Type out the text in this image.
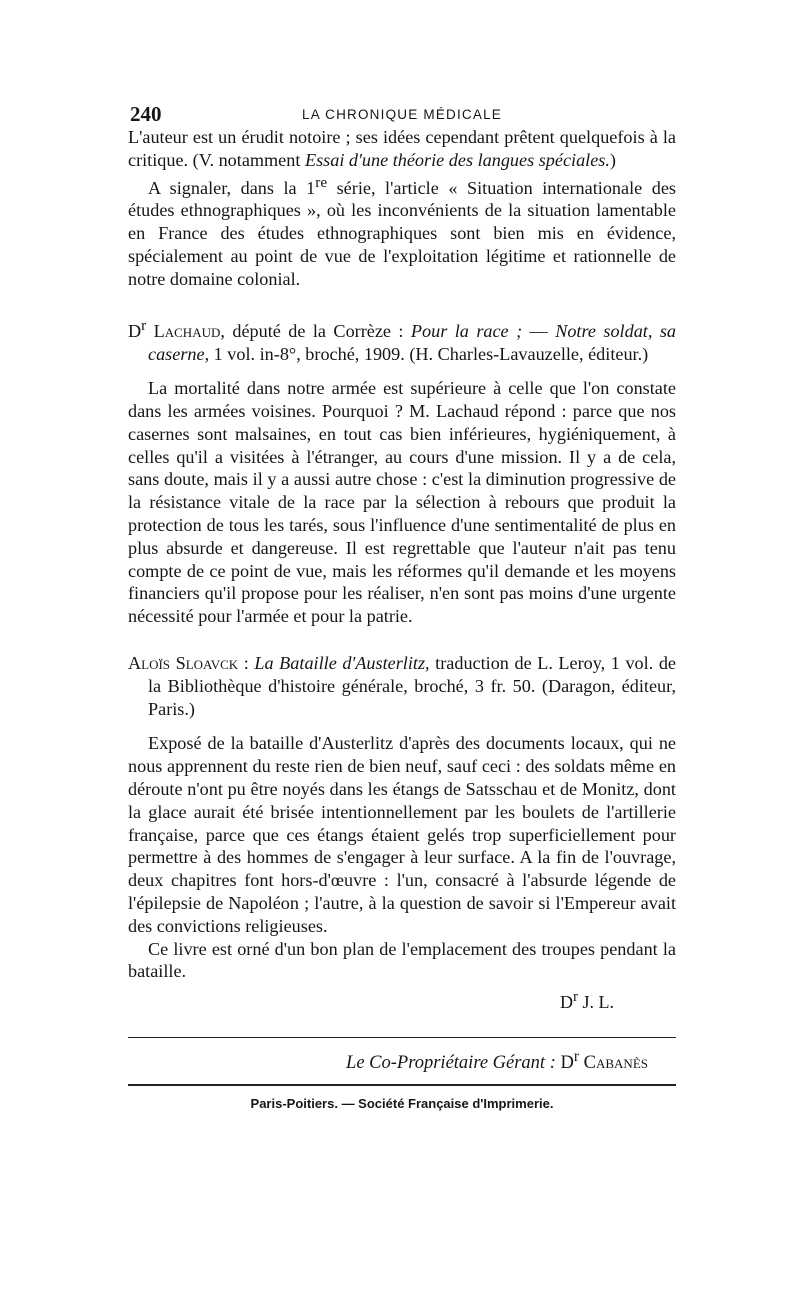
240	LA CHRONIQUE MÉDICALE

L'auteur est un érudit notoire ; ses idées cependant prêtent quelquefois à la critique. (V. notamment Essai d'une théorie des langues spéciales.)

A signaler, dans la 1re série, l'article « Situation internationale des études ethnographiques », où les inconvénients de la situation lamentable en France des études ethnographiques sont bien mis en évidence, spécialement au point de vue de l'exploitation légitime et rationnelle de notre domaine colonial.

$D^r$ Lachaud, député de la Corrèze : Pour la race ; — Notre soldat, sa caserne, 1 vol. in-8°, broché, 1909. (H. Charles-Lavauzelle, éditeur.)

La mortalité dans notre armée est supérieure à celle que l'on constate dans les armées voisines. Pourquoi ? M. Lachaud répond : parce que nos casernes sont malsaines, en tout cas bien inférieures, hygiéniquement, à celles qu'il a visitées à l'étranger, au cours d'une mission. Il y a de cela, sans doute, mais il y a aussi autre chose : c'est la diminution progressive de la résistance vitale de la race par la sélection à rebours que produit la protection de tous les tarés, sous l'influence d'une sentimentalité de plus en plus absurde et dangereuse. Il est regrettable que l'auteur n'ait pas tenu compte de ce point de vue, mais les réformes qu'il demande et les moyens financiers qu'il propose pour les réaliser, n'en sont pas moins d'une urgente nécessité pour l'armée et pour la patrie.

Aloïs Sloavck : La Bataille d'Austerlitz, traduction de L. Leroy, 1 vol. de la Bibliothèque d'histoire générale, broché, 3 fr. 50. (Daragon, éditeur, Paris.)

Exposé de la bataille d'Austerlitz d'après des documents locaux, qui ne nous apprennent du reste rien de bien neuf, sauf ceci : des soldats même en déroute n'ont pu être noyés dans les étangs de Satsschau et de Monitz, dont la glace aurait été brisée intentionnellement par les boulets de l'artillerie française, parce que ces étangs étaient gelés trop superficiellement pour permettre à des hommes de s'engager à leur surface. A la fin de l'ouvrage, deux chapitres font hors-d'œuvre : l'un, consacré à l'absurde légende de l'épilepsie de Napoléon ; l'autre, à la question de savoir si l'Empereur avait des convictions religieuses.

Ce livre est orné d'un bon plan de l'emplacement des troupes pendant la bataille.

$D^r$ J. L.
Le Co-Propriétaire Gérant : $D^r$ Cabanès
Paris-Poitiers. — Société Française d'Imprimerie.
